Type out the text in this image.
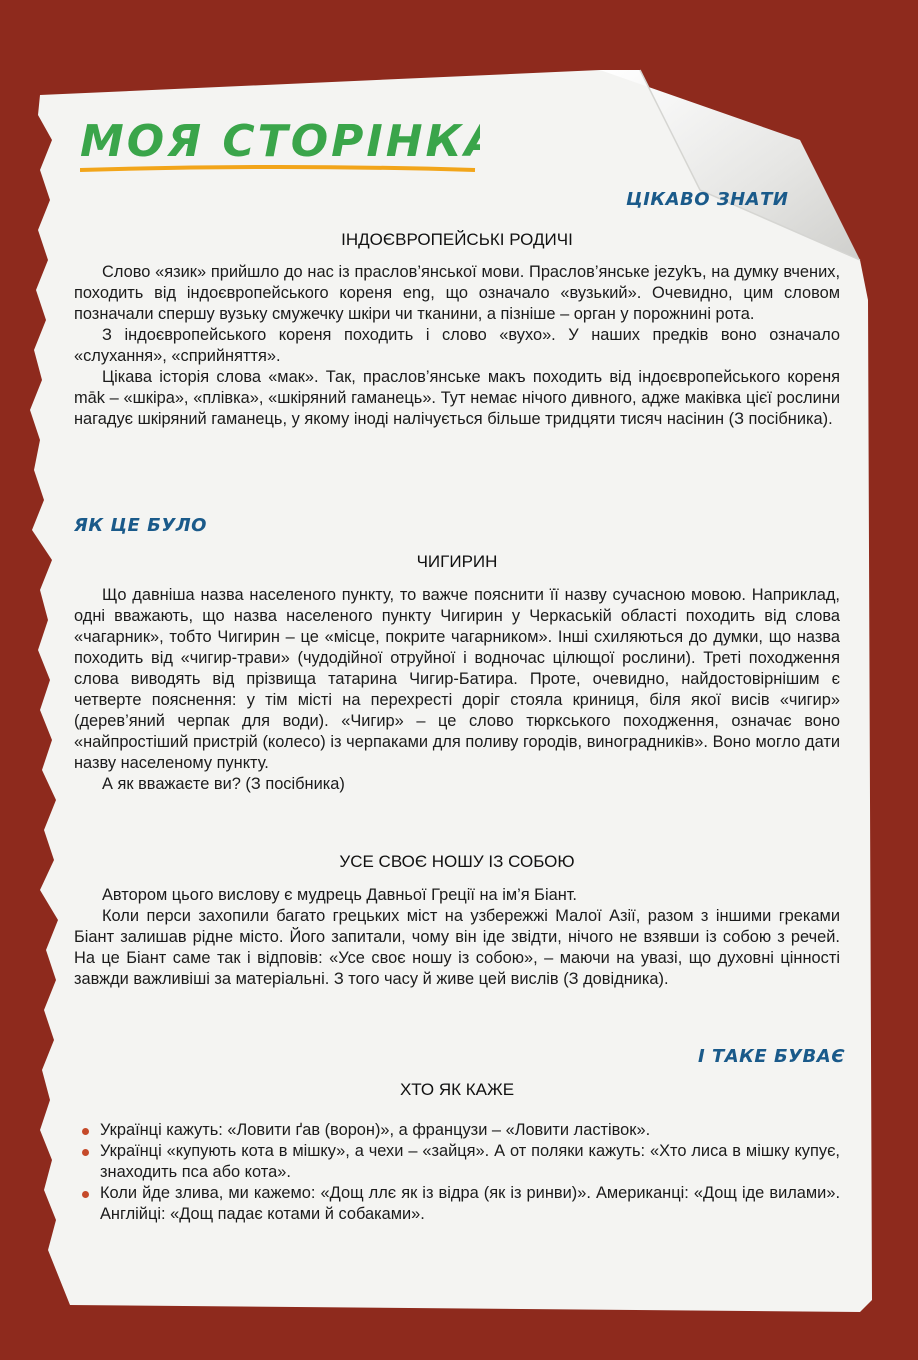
МОЯ СТОРІНКА
ЦІКАВО ЗНАТИ
ІНДОЄВРОПЕЙСЬКІ РОДИЧІ

Слово «язик» прийшло до нас із праслов’янської мови. Праслов’янське jezykъ, на думку вчених, походить від індоєвропейського кореня eng, що означало «вузький». Очевидно, цим словом позначали спершу вузьку смужечку шкіри чи тканини, а пізніше – орган у порожнині рота.

З індоєвропейського кореня походить і слово «вухо». У наших предків воно означало «слухання», «сприйняття».

Цікава історія слова «мак». Так, праслов’янське макъ походить від індоєвропейського кореня māk – «шкіра», «плівка», «шкіряний гаманець». Тут немає нічого дивного, адже маківка цієї рослини нагадує шкіряний гаманець, у якому іноді налічується більше тридцяти тисяч насінин (З посібника).

ЯК ЦЕ БУЛО
ЧИГИРИН

Що давніша назва населеного пункту, то важче пояснити її назву сучасною мовою. Наприклад, одні вважають, що назва населеного пункту Чигирин у Черкаській області походить від слова «чагарник», тобто Чигирин – це «місце, покрите чагарником». Інші схиляються до думки, що назва походить від «чигир-трави» (чудодійної отруйної і водночас цілющої рослини). Треті походження слова виводять від прізвища татарина Чигир-Батира. Проте, очевидно, найдостовірнішим є четверте пояснення: у тім місті на перехресті доріг стояла криниця, біля якої висів «чигир» (дерев’яний черпак для води). «Чигир» – це слово тюркського походження, означає воно «найпростіший пристрій (колесо) із черпаками для поливу городів, виноградників». Воно могло дати назву населеному пункту.

А як вважаєте ви? (З посібника)

УСЕ СВОЄ НОШУ ІЗ СОБОЮ

Автором цього вислову є мудрець Давньої Греції на ім’я Біант.

Коли перси захопили багато грецьких міст на узбережжі Малої Азії, разом з іншими греками Біант залишав рідне місто. Його запитали, чому він іде звідти, нічого не взявши із собою з речей. На це Біант саме так і відповів: «Усе своє ношу із собою», – маючи на увазі, що духовні цінності завжди важливіші за матеріальні. З того часу й живе цей вислів (З довідника).

І ТАКЕ БУВАЄ
ХТО ЯК КАЖЕ
Українці кажуть: «Ловити ґав (ворон)», а французи – «Ловити ластівок».
Українці «купують кота в мішку», а чехи – «зайця». А от поляки кажуть: «Хто лиса в мішку купує, знаходить пса або кота».
Коли йде злива, ми кажемо: «Дощ ллє як із відра (як із ринви)». Американці: «Дощ іде вилами». Англійці: «Дощ падає котами й собаками».
